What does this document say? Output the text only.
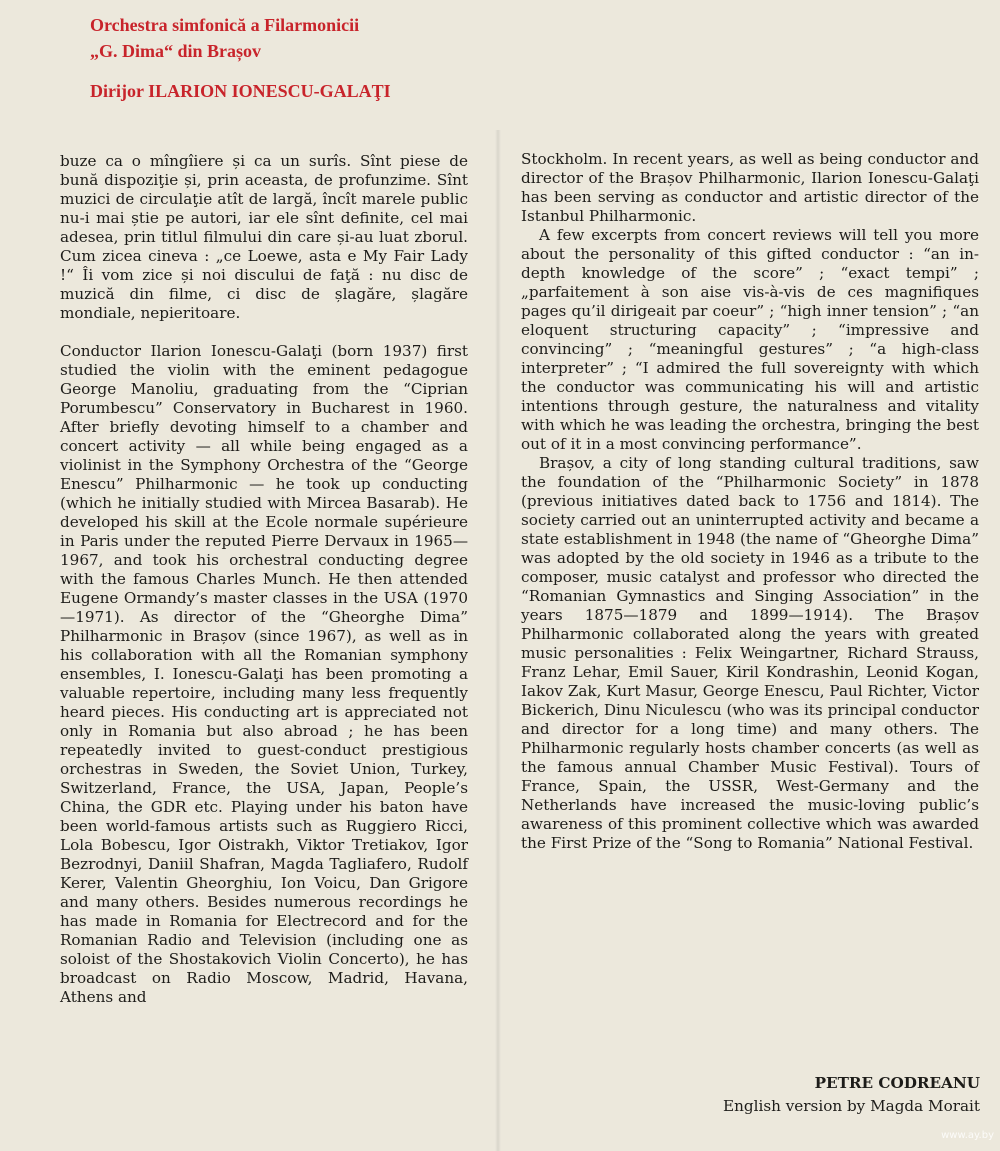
Orchestra simfonică a Filarmonicii

„G. Dima“ din Brașov

Dirijor ILARION IONESCU-GALAŢI

buze ca o mîngîiere și ca un surîs. Sînt piese de bună dispoziţie și, prin aceasta, de profunzime. Sînt muzici de circulaţie atît de largă, încît marele public nu-i mai știe pe autori, iar ele sînt definite, cel mai adesea, prin titlul filmului din care și-au luat zborul. Cum zicea cineva : „ce Loewe, asta e My Fair Lady !“ Îi vom zice și noi discului de faţă : nu disc de muzică din filme, ci disc de șlagăre, șlagăre mondiale, nepieritoare.

Conductor Ilarion Ionescu-Galaţi (born 1937) first studied the violin with the eminent pedagogue George Manoliu, graduating from the “Ciprian Porumbescu” Conservatory in Bucharest in 1960. After briefly devoting himself to a chamber and concert activity — all while being engaged as a violinist in the Symphony Orchestra of the “George Enescu” Philharmonic — he took up conducting (which he initially studied with Mircea Basarab). He developed his skill at the Ecole normale supérieure in Paris under the reputed Pierre Dervaux in 1965—1967, and took his orchestral conducting degree with the famous Charles Munch. He then attended Eugene Ormandy’s master classes in the USA (1970—1971). As director of the “Gheorghe Dima” Philharmonic in Brașov (since 1967), as well as in his collaboration with all the Romanian symphony ensembles, I. Ionescu-Galaţi has been promoting a valuable repertoire, including many less frequently heard pieces. His conducting art is appreciated not only in Romania but also abroad ; he has been repeatedly invited to guest-conduct prestigious orchestras in Sweden, the Soviet Union, Turkey, Switzerland, France, the USA, Japan, People’s China, the GDR etc. Playing under his baton have been world-famous artists such as Ruggiero Ricci, Lola Bobescu, Igor Oistrakh, Viktor Tretiakov, Igor Bezrodnyi, Daniil Shafran, Magda Tagliafero, Rudolf Kerer, Valentin Gheorghiu, Ion Voicu, Dan Grigore and many others. Besides numerous recordings he has made in Romania for Electrecord and for the Romanian Radio and Television (including one as soloist of the Shostakovich Violin Concerto), he has broadcast on Radio Moscow, Madrid, Havana, Athens and

Stockholm. In recent years, as well as being conductor and director of the Brașov Philharmonic, Ilarion Ionescu-Galaţi has been serving as conductor and artistic director of the Istanbul Philharmonic.

A few excerpts from concert reviews will tell you more about the personality of this gifted conductor : “an in-depth knowledge of the score” ; “exact tempi” ; „parfaitement à son aise vis-à-vis de ces magnifiques pages qu’il dirigeait par coeur” ; “high inner tension” ; “an eloquent structuring capacity” ; “impressive and convincing” ; “meaningful gestures” ; “a high-class interpreter” ; “I admired the full sovereignty with which the conductor was communicating his will and artistic intentions through gesture, the naturalness and vitality with which he was leading the orchestra, bringing the best out of it in a most convincing performance”.

Brașov, a city of long standing cultural traditions, saw the foundation of the “Philharmonic Society” in 1878 (previous initiatives dated back to 1756 and 1814). The society carried out an uninterrupted activity and became a state establishment in 1948 (the name of “Gheorghe Dima” was adopted by the old society in 1946 as a tribute to the composer, music catalyst and professor who directed the “Romanian Gymnastics and Singing Association” in the years 1875—1879 and 1899—1914). The Brașov Philharmonic collaborated along the years with greated music personalities : Felix Weingartner, Richard Strauss, Franz Lehar, Emil Sauer, Kiril Kondrashin, Leonid Kogan, Iakov Zak, Kurt Masur, George Enescu, Paul Richter, Victor Bickerich, Dinu Niculescu (who was its principal conductor and director for a long time) and many others. The Philharmonic regularly hosts chamber concerts (as well as the famous annual Chamber Music Festival). Tours of France, Spain, the USSR, West-Germany and the Netherlands have increased the music-loving public’s awareness of this prominent collective which was awarded the First Prize of the “Song to Romania” National Festival.

PETRE CODREANU
English version by Magda Morait
www.ay.by
